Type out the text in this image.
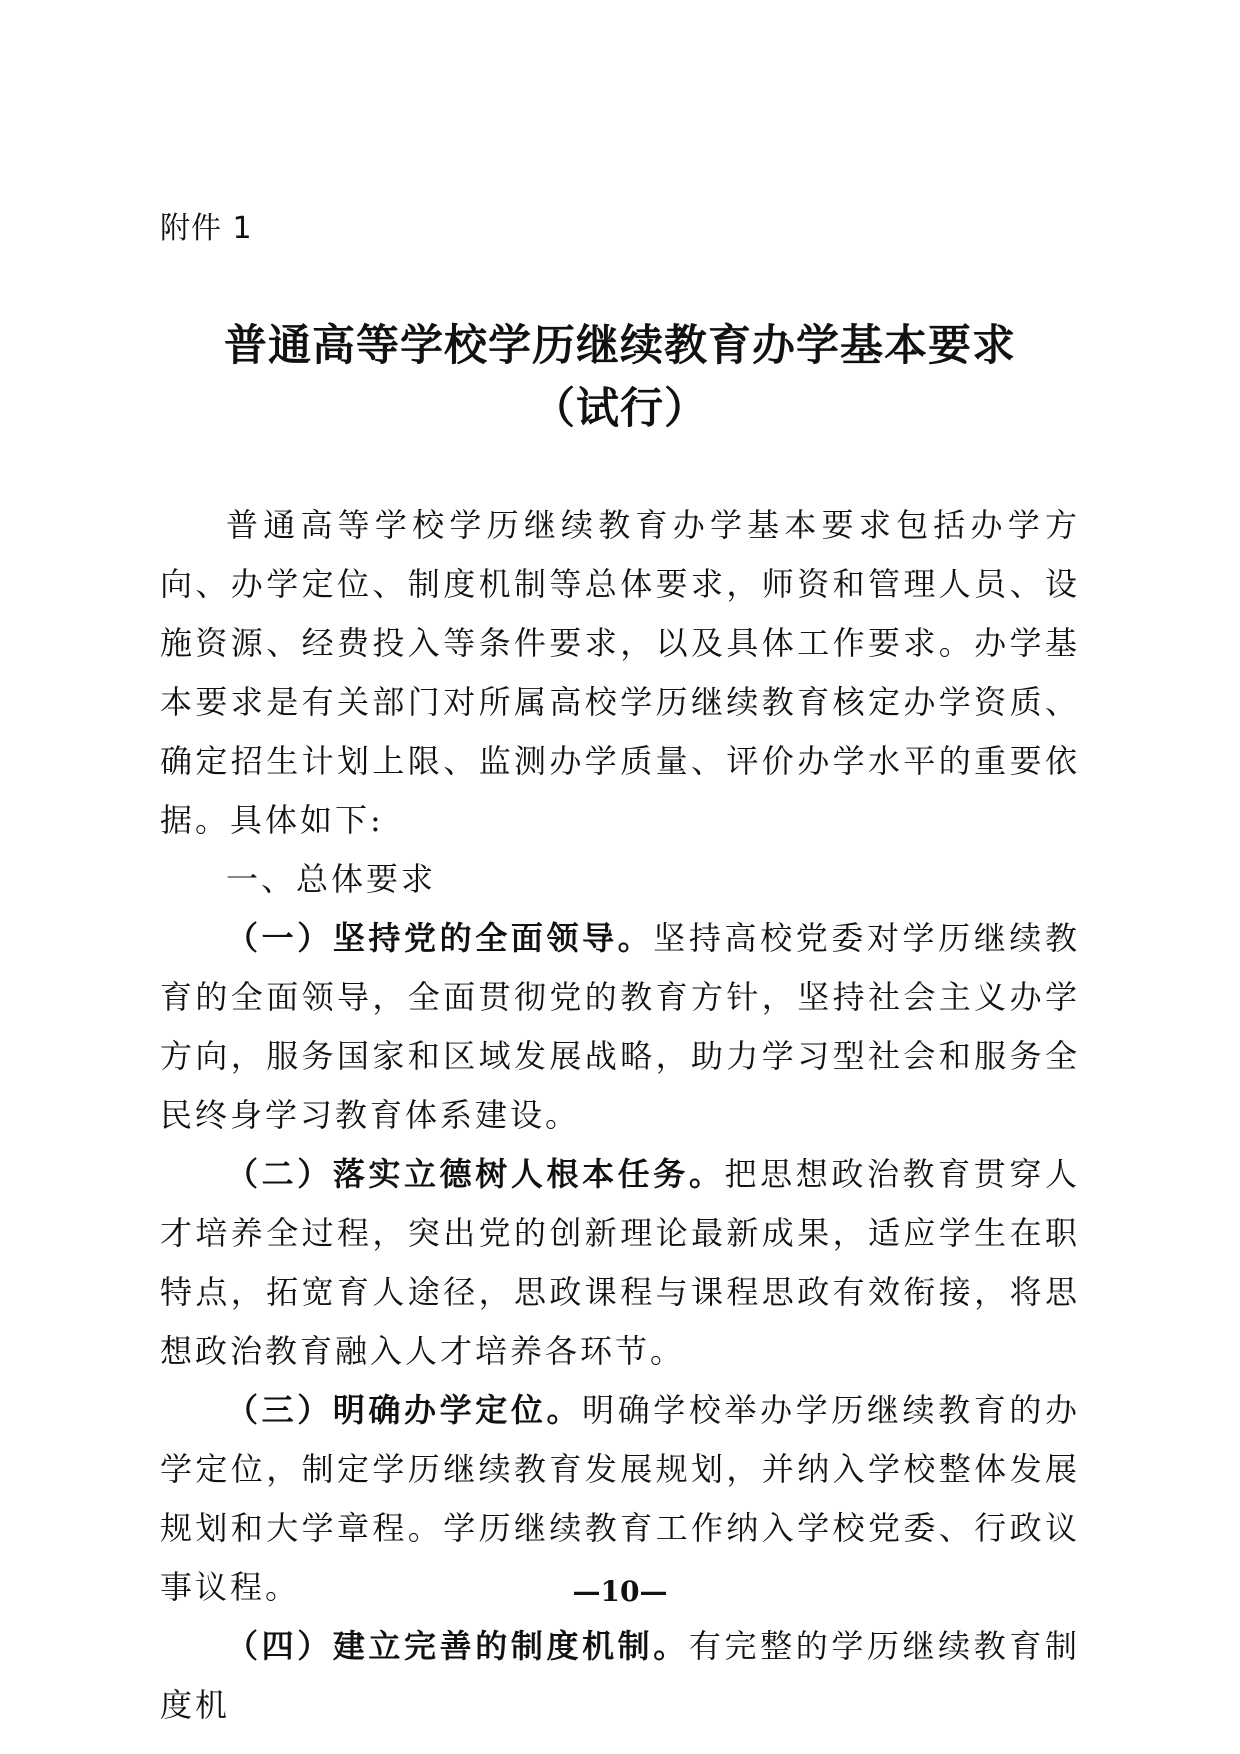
附件 1
普通高等学校学历继续教育办学基本要求
（试行）

普通高等学校学历继续教育办学基本要求包括办学方向、办学定位、制度机制等总体要求，师资和管理人员、设施资源、经费投入等条件要求，以及具体工作要求。办学基本要求是有关部门对所属高校学历继续教育核定办学资质、确定招生计划上限、监测办学质量、评价办学水平的重要依据。具体如下:

一、总体要求

（一）坚持党的全面领导。坚持高校党委对学历继续教育的全面领导，全面贯彻党的教育方针，坚持社会主义办学方向，服务国家和区域发展战略，助力学习型社会和服务全民终身学习教育体系建设。

（二）落实立德树人根本任务。把思想政治教育贯穿人才培养全过程，突出党的创新理论最新成果，适应学生在职特点，拓宽育人途径，思政课程与课程思政有效衔接，将思想政治教育融入人才培养各环节。

（三）明确办学定位。明确学校举办学历继续教育的办学定位，制定学历继续教育发展规划，并纳入学校整体发展规划和大学章程。学历继续教育工作纳入学校党委、行政议事议程。

（四）建立完善的制度机制。有完整的学历继续教育制度机

—10—
